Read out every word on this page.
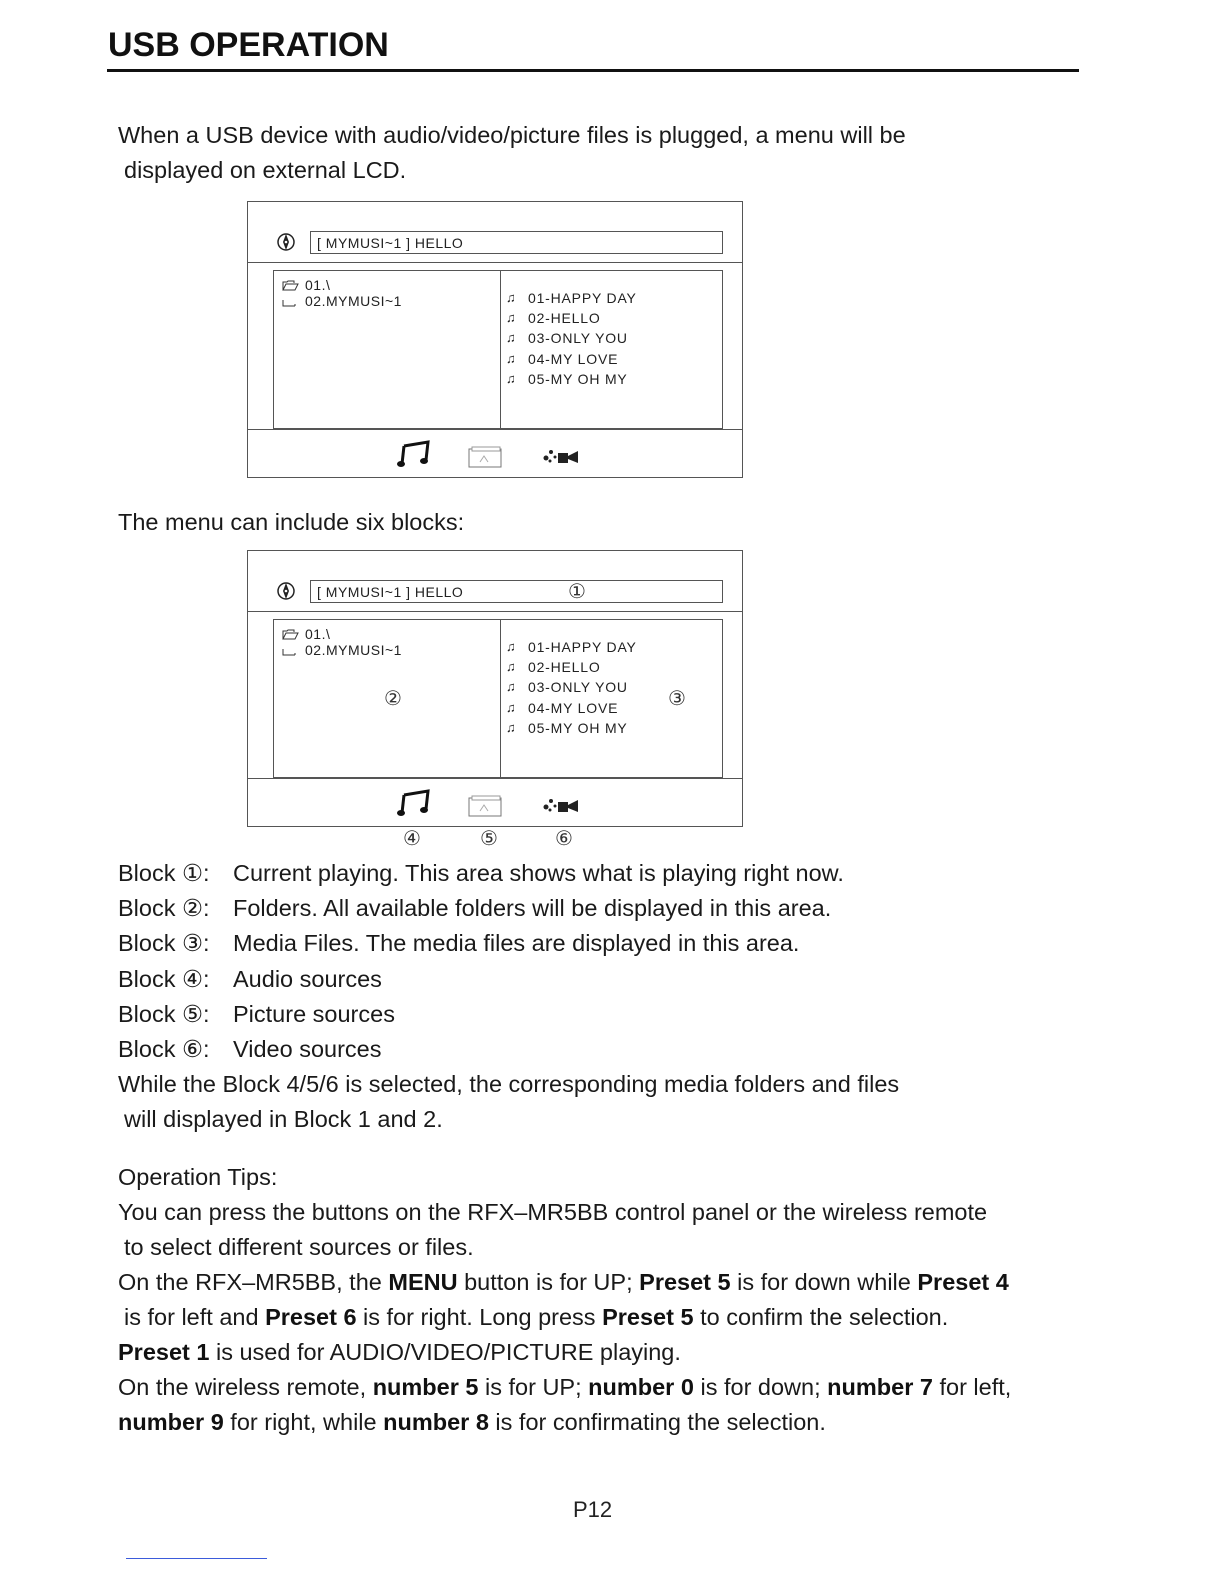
USB OPERATION
When a USB device with audio/video/picture files is plugged, a menu will be
displayed on external LCD.
[ MYMUSI~1 ] HELLO
01.\
02.MYMUSI~1	♫ 01-HAPPY DAY
♫ 02-HELLO
♫ 03-ONLY YOU
♫ 04-MY LOVE
♫ 05-MY OH MY
The menu can include six blocks:
[ MYMUSI~1 ] HELLO	①
01.\
02.MYMUSI~1
②
♫ 01-HAPPY DAY
♫ 02-HELLO
♫ 03-ONLY YOU
♫ 04-MY LOVE
♫ 05-MY OH MY
③
④	⑤	⑥
Block ①: Current playing. This area shows what is playing right now.
Block ②: Folders. All available folders will be displayed in this area.
Block ③: Media Files. The media files are displayed in this area.
Block ④: Audio sources
Block ⑤: Picture sources
Block ⑥: Video sources
While the Block 4/5/6 is selected, the corresponding media folders and files
will displayed in Block 1 and 2.
Operation Tips:
You can press the buttons on the RFX–MR5BB control panel or the wireless remote
to select different sources or files.
On the RFX–MR5BB, the MENU button is for UP; Preset 5 is for down while Preset 4
is for left and Preset 6 is for right. Long press Preset 5 to confirm the selection.
Preset 1 is used for AUDIO/VIDEO/PICTURE playing.
On the wireless remote, number 5 is for UP; number 0 is for down; number 7 for left,
number 9 for right, while number 8 is for confirmating the selection.
P12
